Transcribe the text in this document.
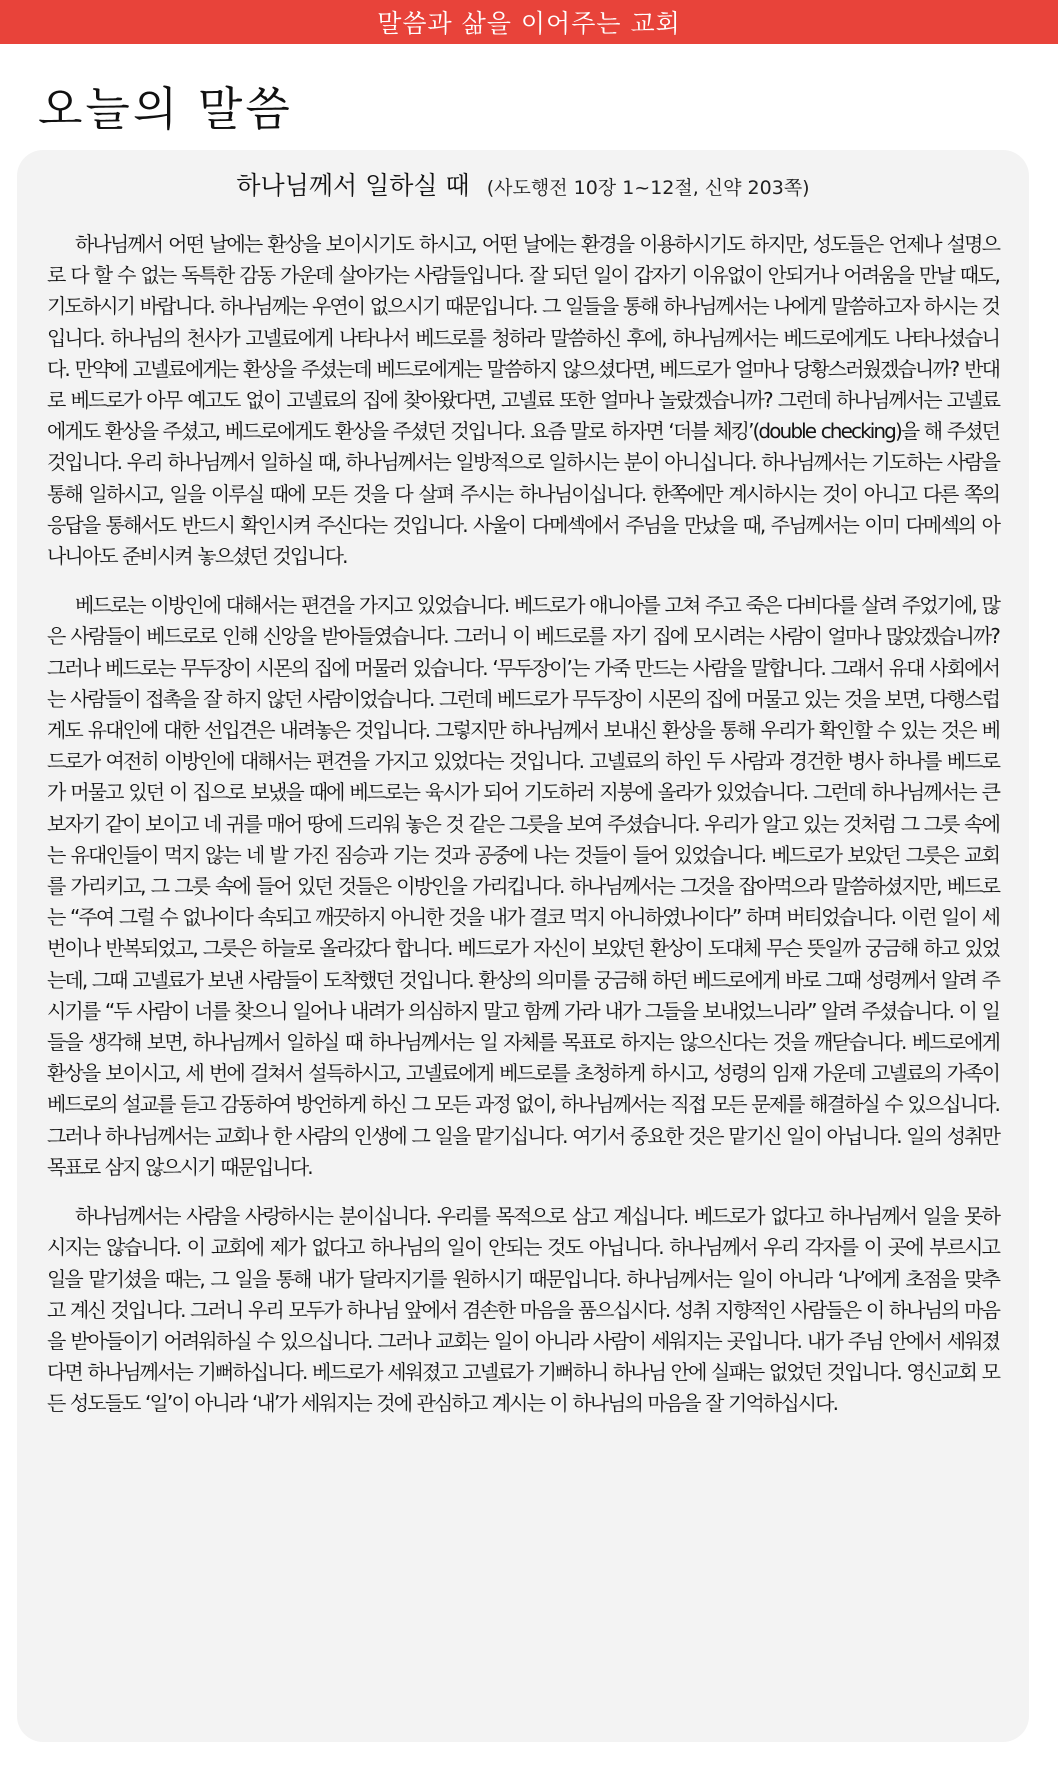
말씀과 삶을 이어주는 교회
오늘의 말씀
하나님께서 일하실 때 (사도행전 10장 1~12절, 신약 203쪽)

하나님께서 어떤 날에는 환상을 보이시기도 하시고, 어떤 날에는 환경을 이용하시기도 하지만, 성도들은 언제나 설명으로 다 할 수 없는 독특한 감동 가운데 살아가는 사람들입니다. 잘 되던 일이 갑자기 이유없이 안되거나 어려움을 만날 때도, 기도하시기 바랍니다. 하나님께는 우연이 없으시기 때문입니다. 그 일들을 통해 하나님께서는 나에게 말씀하고자 하시는 것입니다. 하나님의 천사가 고넬료에게 나타나서 베드로를 청하라 말씀하신 후에, 하나님께서는 베드로에게도 나타나셨습니다. 만약에 고넬료에게는 환상을 주셨는데 베드로에게는 말씀하지 않으셨다면, 베드로가 얼마나 당황스러웠겠습니까? 반대로 베드로가 아무 예고도 없이 고넬료의 집에 찾아왔다면, 고넬료 또한 얼마나 놀랐겠습니까? 그런데 하나님께서는 고넬료에게도 환상을 주셨고, 베드로에게도 환상을 주셨던 것입니다. 요즘 말로 하자면 ‘더블 체킹’(double checking)을 해 주셨던 것입니다. 우리 하나님께서 일하실 때, 하나님께서는 일방적으로 일하시는 분이 아니십니다. 하나님께서는 기도하는 사람을 통해 일하시고, 일을 이루실 때에 모든 것을 다 살펴 주시는 하나님이십니다. 한쪽에만 계시하시는 것이 아니고 다른 쪽의 응답을 통해서도 반드시 확인시켜 주신다는 것입니다. 사울이 다메섹에서 주님을 만났을 때, 주님께서는 이미 다메섹의 아나니아도 준비시켜 놓으셨던 것입니다.

베드로는 이방인에 대해서는 편견을 가지고 있었습니다. 베드로가 애니아를 고쳐 주고 죽은 다비다를 살려 주었기에, 많은 사람들이 베드로로 인해 신앙을 받아들였습니다. 그러니 이 베드로를 자기 집에 모시려는 사람이 얼마나 많았겠습니까? 그러나 베드로는 무두장이 시몬의 집에 머물러 있습니다. ‘무두장이’는 가죽 만드는 사람을 말합니다. 그래서 유대 사회에서는 사람들이 접촉을 잘 하지 않던 사람이었습니다. 그런데 베드로가 무두장이 시몬의 집에 머물고 있는 것을 보면, 다행스럽게도 유대인에 대한 선입견은 내려놓은 것입니다. 그렇지만 하나님께서 보내신 환상을 통해 우리가 확인할 수 있는 것은 베드로가 여전히 이방인에 대해서는 편견을 가지고 있었다는 것입니다. 고넬료의 하인 두 사람과 경건한 병사 하나를 베드로가 머물고 있던 이 집으로 보냈을 때에 베드로는 육시가 되어 기도하러 지붕에 올라가 있었습니다. 그런데 하나님께서는 큰 보자기 같이 보이고 네 귀를 매어 땅에 드리워 놓은 것 같은 그릇을 보여 주셨습니다. 우리가 알고 있는 것처럼 그 그릇 속에는 유대인들이 먹지 않는 네 발 가진 짐승과 기는 것과 공중에 나는 것들이 들어 있었습니다. 베드로가 보았던 그릇은 교회를 가리키고, 그 그릇 속에 들어 있던 것들은 이방인을 가리킵니다. 하나님께서는 그것을 잡아먹으라 말씀하셨지만, 베드로는 “주여 그럴 수 없나이다 속되고 깨끗하지 아니한 것을 내가 결코 먹지 아니하였나이다” 하며 버티었습니다. 이런 일이 세 번이나 반복되었고, 그릇은 하늘로 올라갔다 합니다. 베드로가 자신이 보았던 환상이 도대체 무슨 뜻일까 궁금해 하고 있었는데, 그때 고넬료가 보낸 사람들이 도착했던 것입니다. 환상의 의미를 궁금해 하던 베드로에게 바로 그때 성령께서 알려 주시기를 “두 사람이 너를 찾으니 일어나 내려가 의심하지 말고 함께 가라 내가 그들을 보내었느니라” 알려 주셨습니다. 이 일들을 생각해 보면, 하나님께서 일하실 때 하나님께서는 일 자체를 목표로 하지는 않으신다는 것을 깨닫습니다. 베드로에게 환상을 보이시고, 세 번에 걸쳐서 설득하시고, 고넬료에게 베드로를 초청하게 하시고, 성령의 임재 가운데 고넬료의 가족이 베드로의 설교를 듣고 감동하여 방언하게 하신 그 모든 과정 없이, 하나님께서는 직접 모든 문제를 해결하실 수 있으십니다. 그러나 하나님께서는 교회나 한 사람의 인생에 그 일을 맡기십니다. 여기서 중요한 것은 맡기신 일이 아닙니다. 일의 성취만 목표로 삼지 않으시기 때문입니다.

하나님께서는 사람을 사랑하시는 분이십니다. 우리를 목적으로 삼고 계십니다. 베드로가 없다고 하나님께서 일을 못하시지는 않습니다. 이 교회에 제가 없다고 하나님의 일이 안되는 것도 아닙니다. 하나님께서 우리 각자를 이 곳에 부르시고 일을 맡기셨을 때는, 그 일을 통해 내가 달라지기를 원하시기 때문입니다. 하나님께서는 일이 아니라 ‘나’에게 초점을 맞추고 계신 것입니다. 그러니 우리 모두가 하나님 앞에서 겸손한 마음을 품으십시다. 성취 지향적인 사람들은 이 하나님의 마음을 받아들이기 어려워하실 수 있으십니다. 그러나 교회는 일이 아니라 사람이 세워지는 곳입니다. 내가 주님 안에서 세워졌다면 하나님께서는 기뻐하십니다. 베드로가 세워졌고 고넬료가 기뻐하니 하나님 안에 실패는 없었던 것입니다. 영신교회 모든 성도들도 ‘일’이 아니라 ‘내’가 세워지는 것에 관심하고 계시는 이 하나님의 마음을 잘 기억하십시다.
